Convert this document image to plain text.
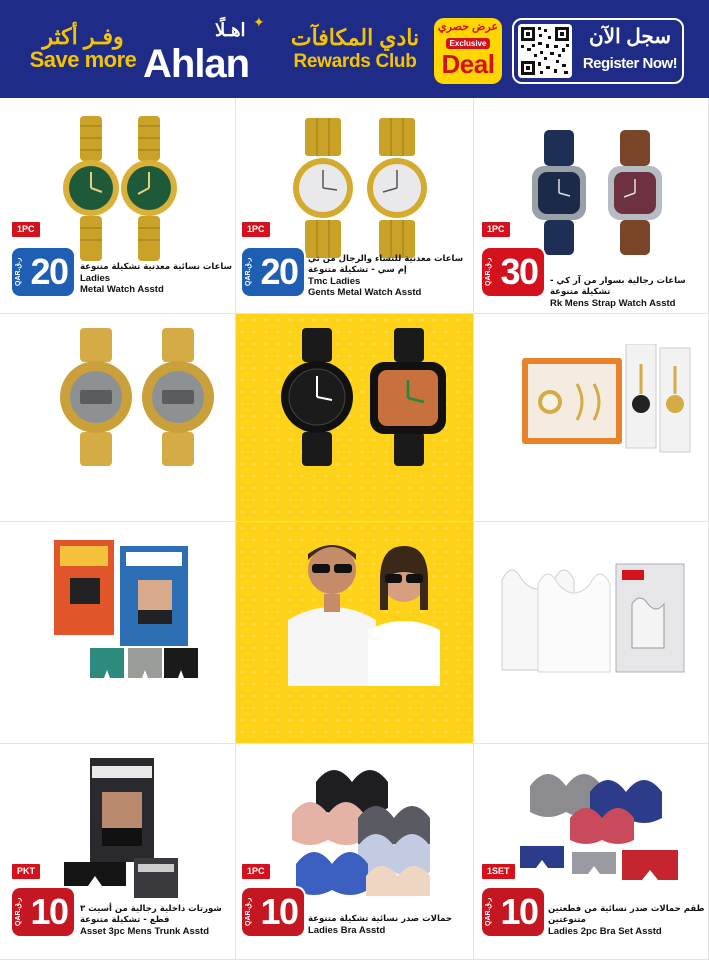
وفـر أكثر
Save more
✦
اهـلًا
Ahlan
نادي المكافآت
Rewards Club
عرض حصري
Exclusive
Deal
سجل الآن
Register Now!
1PC
QAR.ر.ق 20	ساعات نسائية معدنية تشكيلة متنوعة
Ladies
Metal Watch Asstd
1PC
QAR.ر.ق 20	ساعات معدنية للنساء والرجال من تي إم سي - تشكيلة متنوعة
Tmc Ladies
Gents Metal Watch Asstd
1PC
QAR.ر.ق 30	ساعات رجالية بسوار من آر كي - تشكيلة متنوعة
Rk Mens Strap Watch Asstd
PKT
QAR.ر.ق 10	شورتات داخلية رجالية من أسيت ٣ قطع - تشكيلة متنوعة
Asset 3pc Mens Trunk Asstd
1PC
QAR.ر.ق 10	حمالات صدر نسائية تشكيلة متنوعة
Ladies Bra Asstd
1SET
QAR.ر.ق 10	طقم حمالات صدر نسائية من قطعتين متنوعتين
Ladies 2pc Bra Set Asstd
